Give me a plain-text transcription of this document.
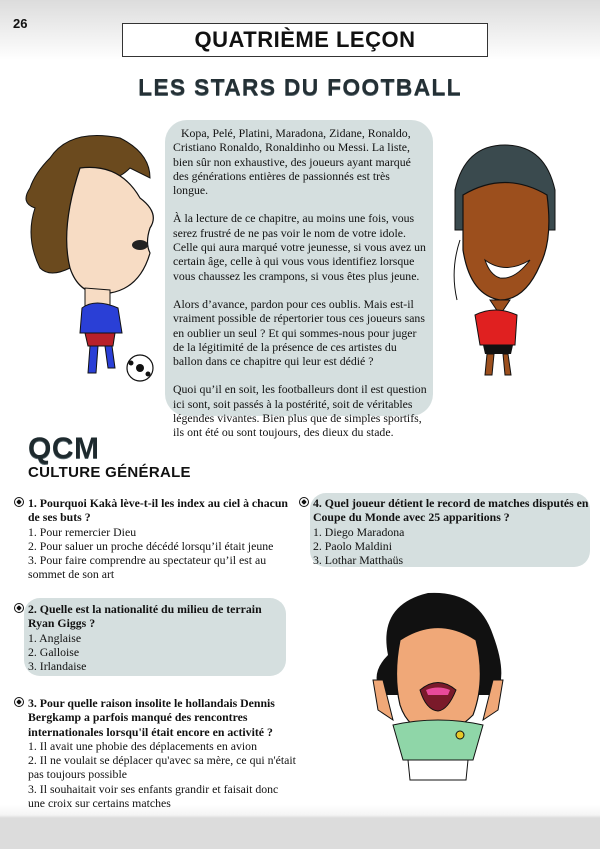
26
QUATRIÈME LEÇON
LES STARS DU FOOTBALL

Kopa, Pelé, Platini, Maradona, Zidane, Ronaldo, Cristiano Ronaldo, Ronaldinho ou Messi. La liste, bien sûr non exhaustive, des joueurs ayant marqué des générations entières de passionnés est très longue.

À la lecture de ce chapitre, au moins une fois, vous serez frustré de ne pas voir le nom de votre idole. Celle qui aura marqué votre jeunesse, si vous avez un certain âge, celle à qui vous vous identifiez lorsque vous chaussez les crampons, si vous êtes plus jeune.

Alors d’avance, pardon pour ces oublis. Mais est-il vraiment possible de répertorier tous ces joueurs sans en oublier un seul ? Et qui sommes-nous pour juger de la légitimité de la présence de ces artistes du ballon dans ce chapitre qui leur est dédié ?

Quoi qu’il en soit, les footballeurs dont il est question ici sont, soit passés à la postérité, soit de véritables légendes vivantes. Bien plus que de simples sportifs, ils ont été ou sont toujours, des dieux du stade.

QCM
CULTURE GÉNÉRALE
1. Pourquoi Kakà lève-t-il les index au ciel à chacun de ses buts ?
1. Pour remercier Dieu
2. Pour saluer un proche décédé lorsqu’il était jeune
3. Pour faire comprendre au spectateur qu’il est au sommet de son art
2. Quelle est la nationalité du milieu de terrain Ryan Giggs ?
1. Anglaise
2. Galloise
3. Irlandaise
3. Pour quelle raison insolite le hollandais Dennis Bergkamp a parfois manqué des rencontres internationales lorsqu'il était encore en activité ?
1. Il avait une phobie des déplacements en avion
2. Il ne voulait se déplacer qu'avec sa mère, ce qui n'était pas toujours possible
3. Il souhaitait voir ses enfants grandir et faisait donc une croix sur certains matches
4. Quel joueur détient le record de matches disputés en Coupe du Monde avec 25 apparitions ?
1. Diego Maradona
2. Paolo Maldini
3. Lothar Matthaüs
